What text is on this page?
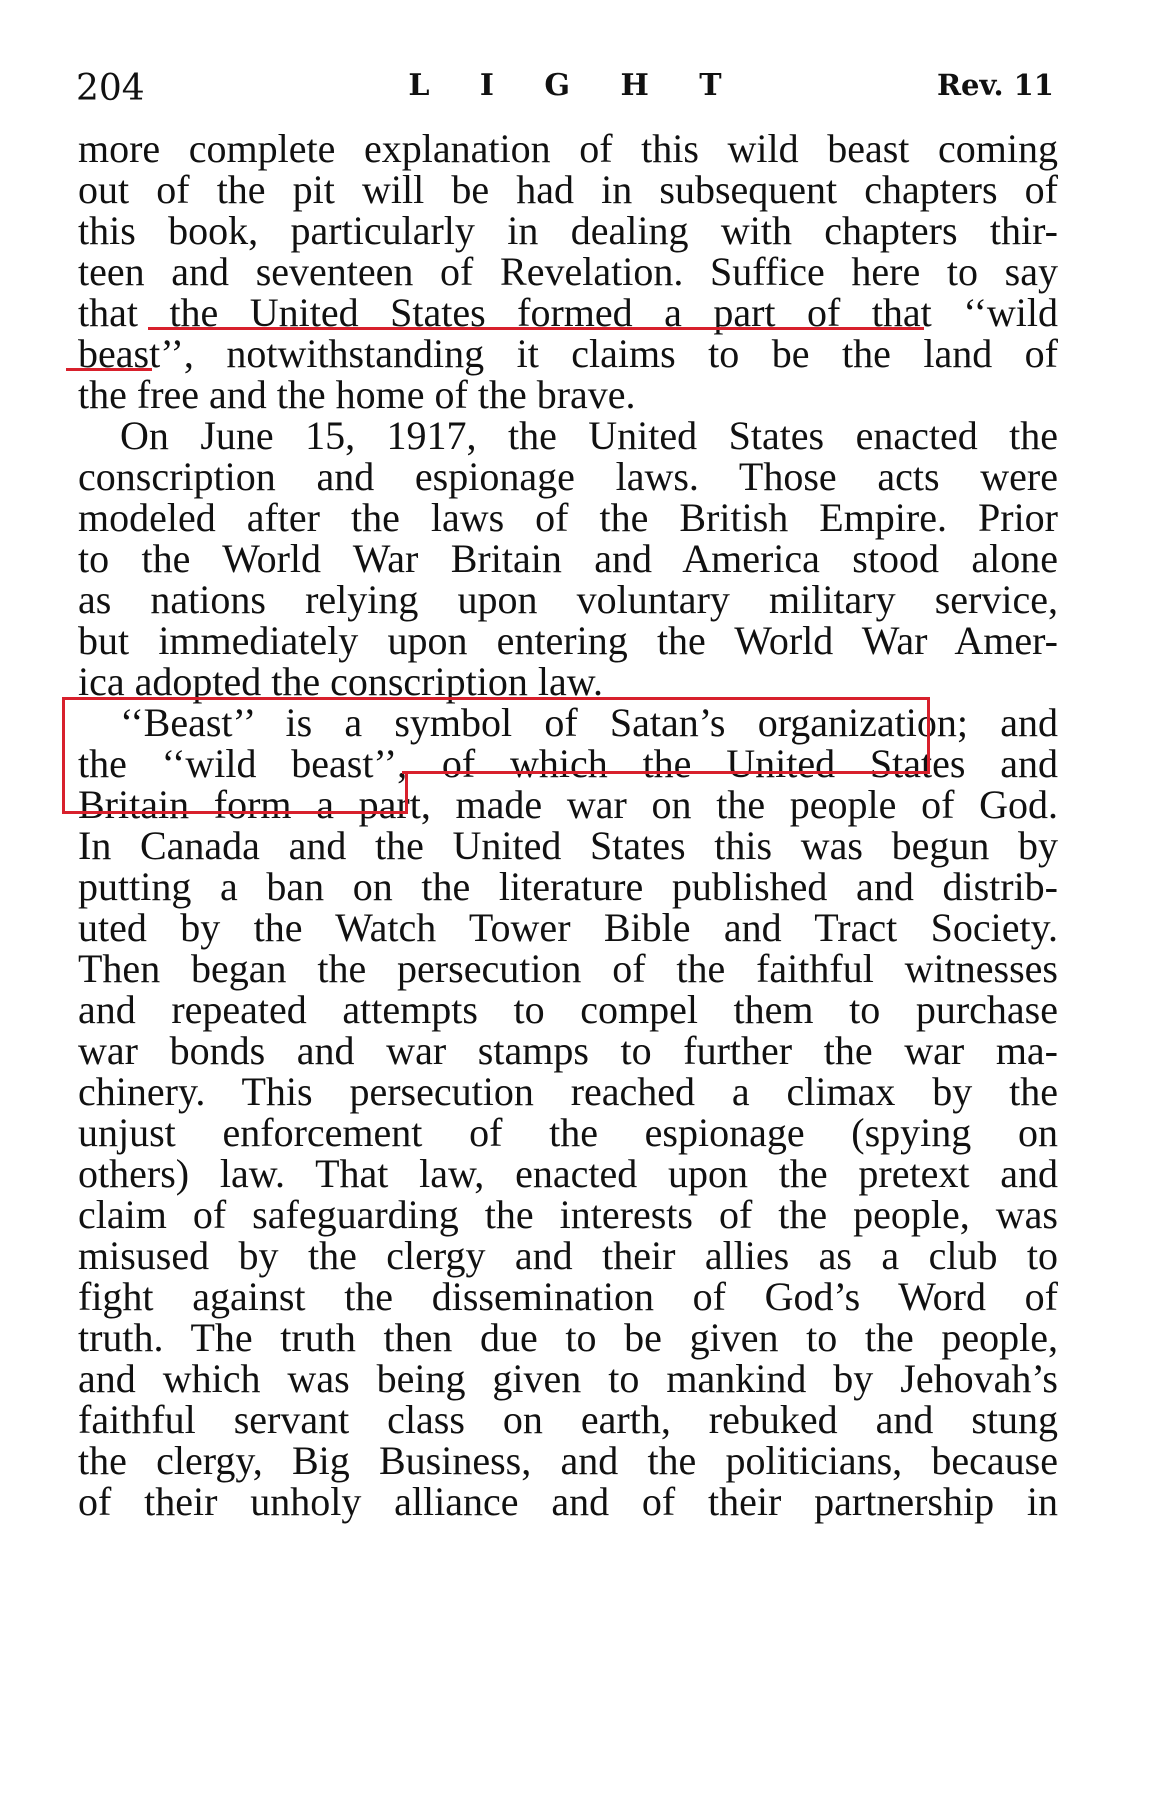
204	L I G H T	Rev. 11
more complete explanation of this wild beast coming
out of the pit will be had in subsequent chapters of
this book, particularly in dealing with chapters thir-
teen and seventeen of Revelation. Suffice here to say
that the United States formed a part of that ‘‘wild
beast’’, notwithstanding it claims to be the land of
the free and the home of the brave.
On June 15, 1917, the United States enacted the
conscription and espionage laws. Those acts were
modeled after the laws of the British Empire. Prior
to the World War Britain and America stood alone
as nations relying upon voluntary military service,
but immediately upon entering the World War Amer-
ica adopted the conscription law.
‘‘Beast’’ is a symbol of Satan’s organization; and
the ‘‘wild beast’’, of which the United States and
Britain form a part, made war on the people of God.
In Canada and the United States this was begun by
putting a ban on the literature published and distrib-
uted by the Watch Tower Bible and Tract Society.
Then began the persecution of the faithful witnesses
and repeated attempts to compel them to purchase
war bonds and war stamps to further the war ma-
chinery. This persecution reached a climax by the
unjust enforcement of the espionage (spying on
others) law. That law, enacted upon the pretext and
claim of safeguarding the interests of the people, was
misused by the clergy and their allies as a club to
fight against the dissemination of God’s Word of
truth. The truth then due to be given to the people,
and which was being given to mankind by Jehovah’s
faithful servant class on earth, rebuked and stung
the clergy, Big Business, and the politicians, because
of their unholy alliance and of their partnership in
